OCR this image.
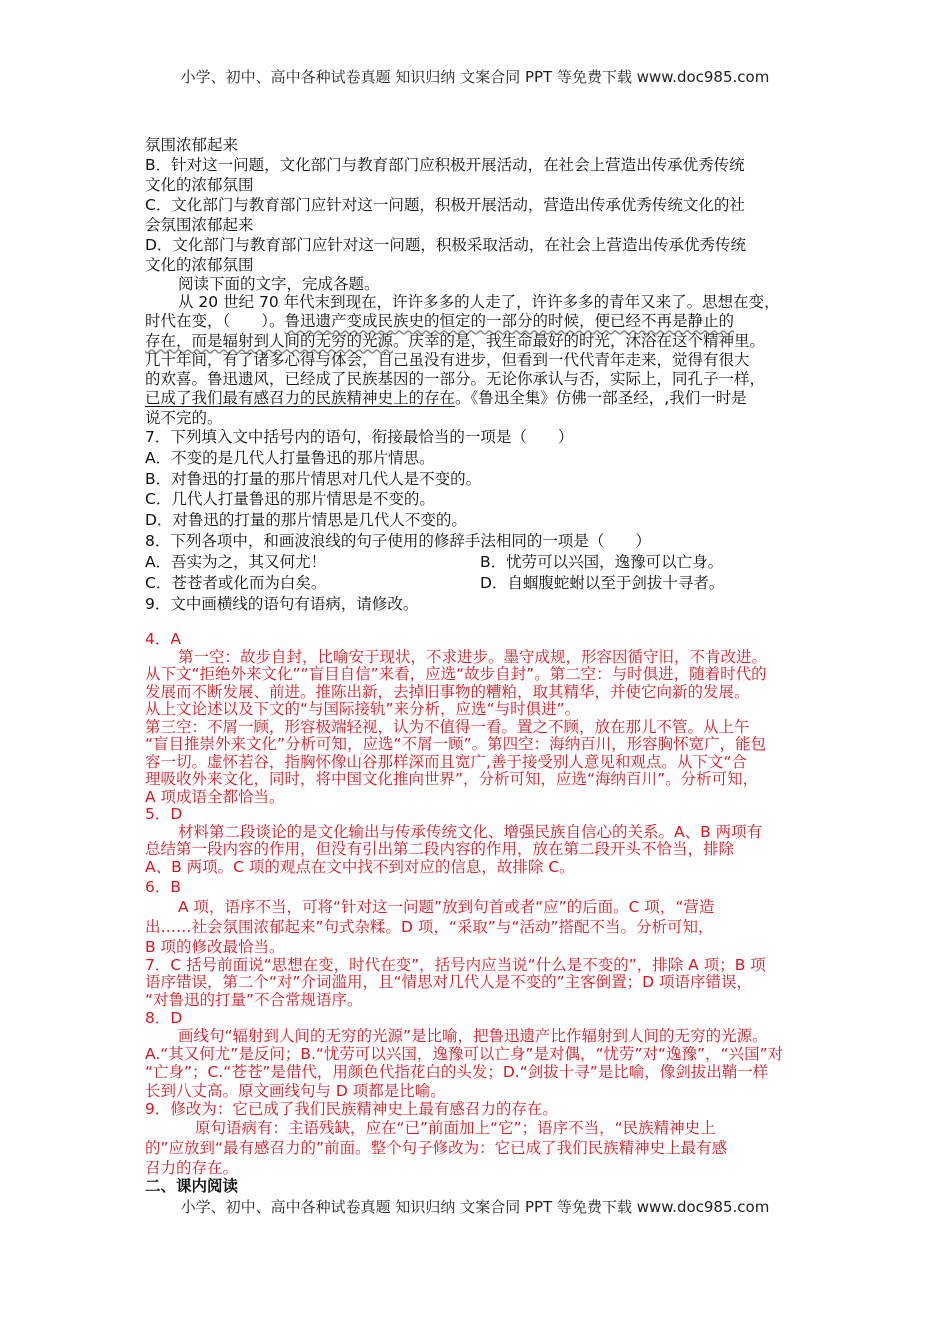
小学、初中、高中各种试卷真题 知识归纳 文案合同 PPT 等免费下载 www.doc985.com
氛围浓郁起来
B．针对这一问题，文化部门与教育部门应积极开展活动，在社会上营造出传承优秀传统
文化的浓郁氛围
C．文化部门与教育部门应针对这一问题，积极开展活动，营造出传承优秀传统文化的社
会氛围浓郁起来
D．文化部门与教育部门应针对这一问题，积极采取活动，在社会上营造出传承优秀传统
文化的浓郁氛围
阅读下面的文字，完成各题。
从 20 世纪 70 年代末到现在，许许多多的人走了，许许多多的青年又来了。思想在变，
时代在变，（　　）。鲁迅遗产变成民族史的恒定的一部分的时候，便已经不再是静止的
存在，而是辐射到人间的无穷的光源。庆幸的是，我生命最好的时光，沐浴在这个精神里。
几十年间，有了诸多心得与体会，自己虽没有进步，但看到一代代青年走来，觉得有很大
的欢喜。鲁迅遗风，已经成了民族基因的一部分。无论你承认与否，实际上，同孔子一样，
已成了我们最有感召力的民族精神史上的存在。《鲁迅全集》仿佛一部圣经，,我们一时是
说不完的。
7．下列填入文中括号内的语句，衔接最恰当的一项是（　　）
A．不变的是几代人打量鲁迅的那片情思。
B．对鲁迅的打量的那片情思对几代人是不变的。
C．几代人打量鲁迅的那片情思是不变的。
D．对鲁迅的打量的那片情思是几代人不变的。
8．下列各项中，和画波浪线的句子使用的修辞手法相同的一项是（　　）
A．吾实为之，其又何尤！	B．忧劳可以兴国，逸豫可以亡身。
C．苍苍者或化而为白矣。	D．自蝈腹蛇蚹以至于剑拔十寻者。
9．文中画横线的语句有语病，请修改。
4．A
第一空：故步自封，比喻安于现状，不求进步。墨守成规，形容因循守旧，不肯改进。
从下文“拒绝外来文化”“盲目自信”来看，应选“故步自封”。第二空：与时俱进，随着时代的
发展而不断发展、前进。推陈出新，去掉旧事物的糟粕，取其精华，并使它向新的发展。
从上文论述以及下文的“与国际接轨”来分析，应选“与时俱进”。
第三空：不屑一顾，形容极端轻视，认为不值得一看。置之不顾，放在那儿不管。从上午
“盲目推崇外来文化”分析可知，应选“不屑一顾”。第四空：海纳百川，形容胸怀宽广，能包
容一切。虚怀若谷，指胸怀像山谷那样深而且宽广,善于接受别人意见和观点。从下文“合
理吸收外来文化，同时，将中国文化推向世界”，分析可知，应选“海纳百川”。分析可知，
A 项成语全都恰当。
5．D
材料第二段谈论的是文化输出与传承传统文化、增强民族自信心的关系。A、B 两项有
总结第一段内容的作用，但没有引出第二段内容的作用，放在第二段开头不恰当，排除
A、B 两项。C 项的观点在文中找不到对应的信息，故排除 C。
6．B
A 项，语序不当，可将“针对这一问题”放到句首或者“应”的后面。C 项，“营造
出……社会氛围浓郁起来”句式杂糅。D 项，“采取”与“活动”搭配不当。分析可知，
B 项的修改最恰当。
7．C 括号前面说“思想在变，时代在变”，括号内应当说“什么是不变的”，排除 A 项；B 项
语序错误，第二个“对”介词滥用，且“情思对几代人是不变的”主客倒置；D 项语序错误，
“对鲁迅的打量”不合常规语序。
8．D
画线句“辐射到人间的无穷的光源”是比喻，把鲁迅遗产比作辐射到人间的无穷的光源。
A.“其又何尤”是反问；B.“忧劳可以兴国，逸豫可以亡身”是对偶，“忧劳”对“逸豫”，“兴国”对
“亡身”；C.“苍苍”是借代，用颜色代指花白的头发；D.“剑拔十寻”是比喻，像剑拔出鞘一样
长到八丈高。原文画线句与 D 项都是比喻。
9．修改为：它已成了我们民族精神史上最有感召力的存在。
原句语病有：主语残缺，应在“已”前面加上“它”；语序不当，“民族精神史上
的”应放到“最有感召力的”前面。整个句子修改为：它已成了我们民族精神史上最有感
召力的存在。
二、课内阅读
小学、初中、高中各种试卷真题 知识归纳 文案合同 PPT 等免费下载 www.doc985.com
